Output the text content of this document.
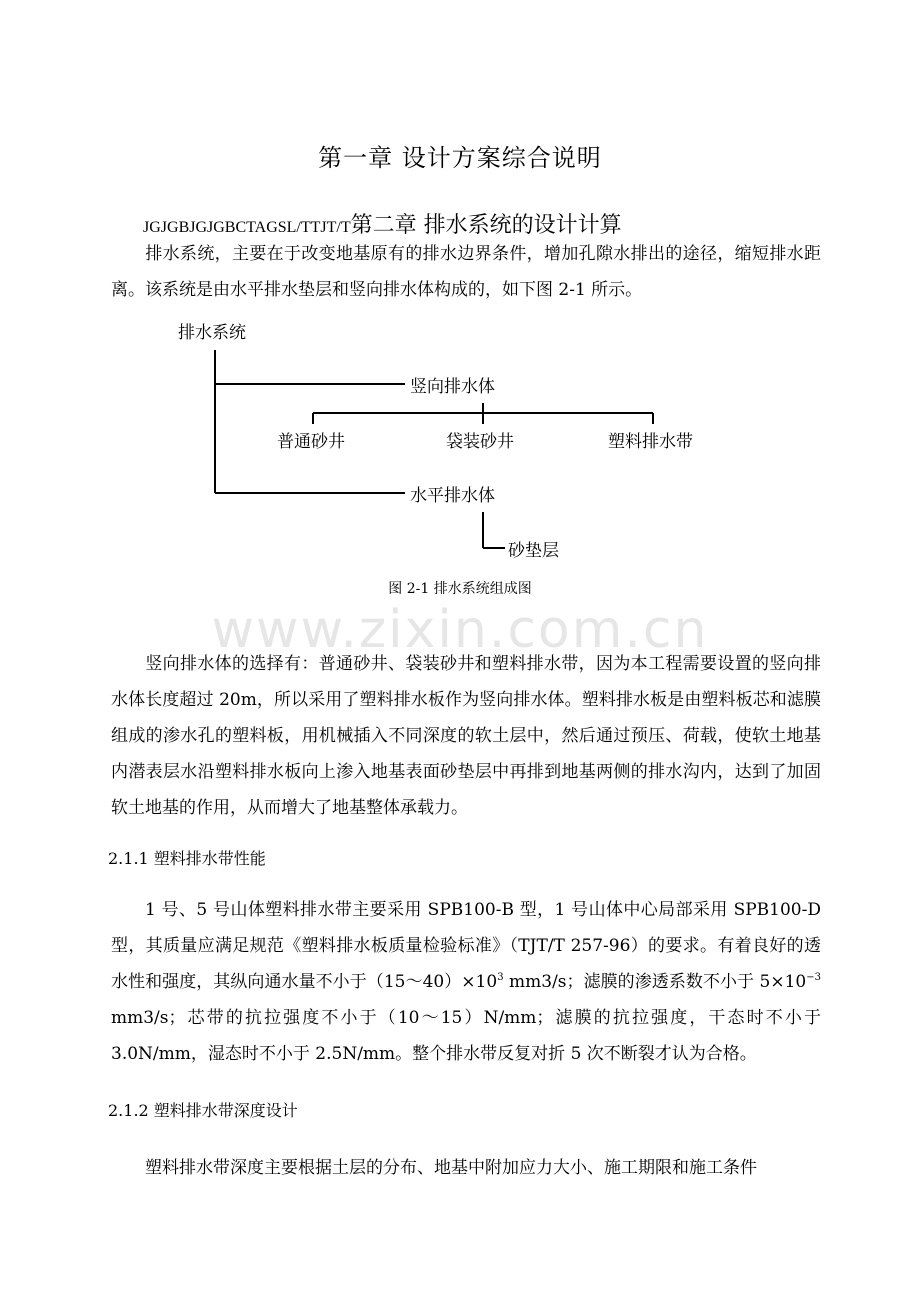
第一章 设计方案综合说明
JGJGBJGJGBCTAGSL/TTJT/T第二章 排水系统的设计计算
排水系统，主要在于改变地基原有的排水边界条件，增加孔隙水排出的途径，缩短排水距离。该系统是由水平排水垫层和竖向排水体构成的，如下图 2-1 所示。
排水系统
竖向排水体
普通砂井	袋装砂井	塑料排水带
水平排水体
砂垫层
图 2-1 排水系统组成图
www.zixin.com.cn
竖向排水体的选择有：普通砂井、袋装砂井和塑料排水带，因为本工程需要设置的竖向排水体长度超过 20m，所以采用了塑料排水板作为竖向排水体。塑料排水板是由塑料板芯和滤膜组成的渗水孔的塑料板，用机械插入不同深度的软土层中，然后通过预压、荷载，使软土地基内潜表层水沿塑料排水板向上渗入地基表面砂垫层中再排到地基两侧的排水沟内，达到了加固软土地基的作用，从而增大了地基整体承载力。
2.1.1 塑料排水带性能
1 号、5 号山体塑料排水带主要采用 SPB100-B 型，1 号山体中心局部采用 SPB100-D 型，其质量应满足规范《塑料排水板质量检验标准》（TJT/T 257-96）的要求。有着良好的透水性和强度，其纵向通水量不小于$(15\sim 40)\times 10^3$ mm3/s；滤膜的渗透系数不小于 $5\times 10^{-3}$ mm3/s；芯带的抗拉强度不小于（10～15）N/mm；滤膜的抗拉强度，干态时不小于 3.0N/mm，湿态时不小于 2.5N/mm。整个排水带反复对折 5 次不断裂才认为合格。
2.1.2 塑料排水带深度设计
塑料排水带深度主要根据土层的分布、地基中附加应力大小、施工期限和施工条件
